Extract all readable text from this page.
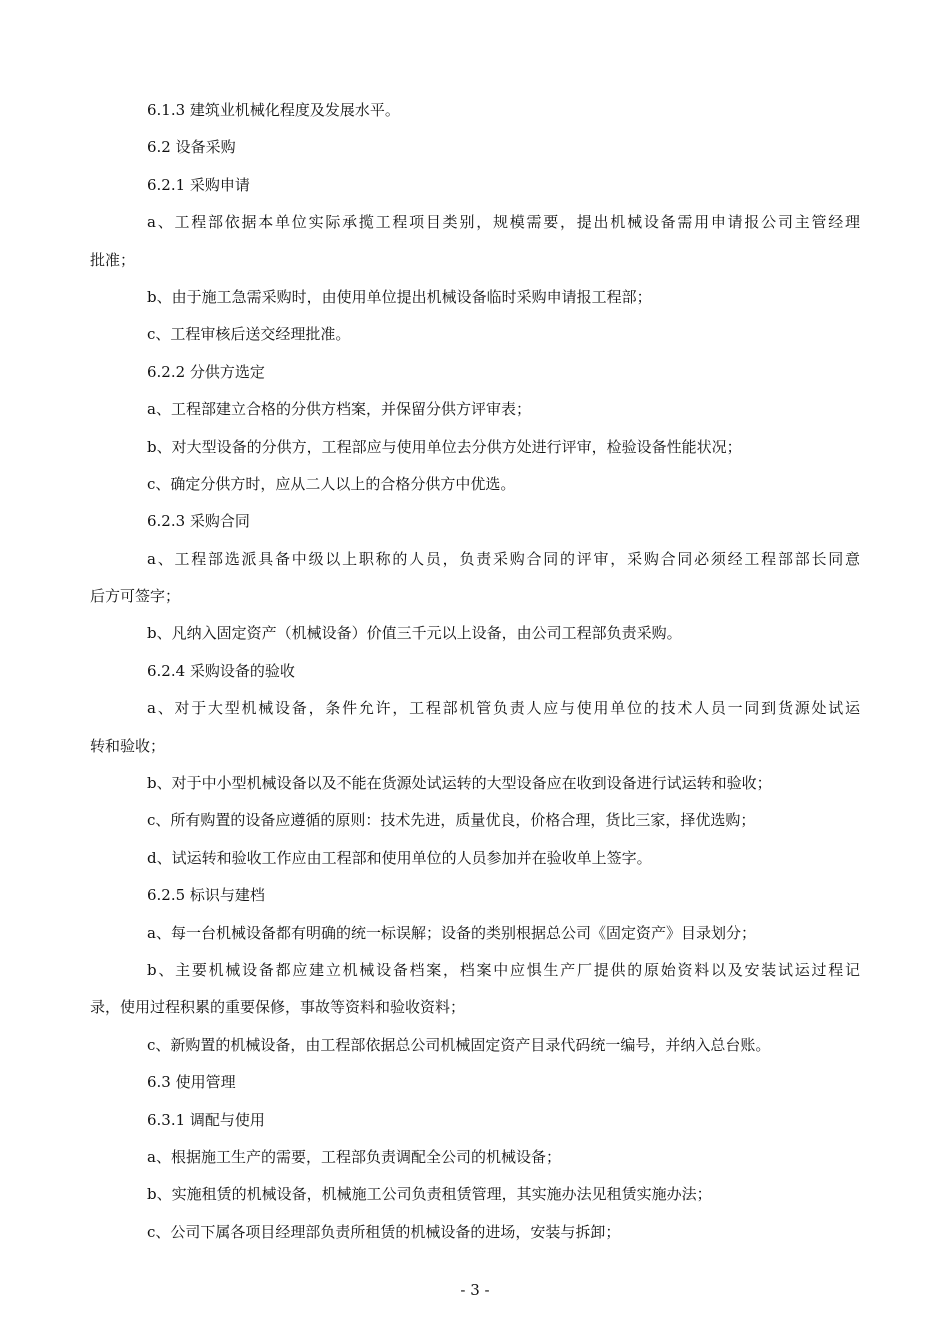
6.1.3 建筑业机械化程度及发展水平。

6.2 设备采购

6.2.1 采购申请

a、工程部依据本单位实际承揽工程项目类别，规模需要，提出机械设备需用申请报公司主管经理

批准；

b、由于施工急需采购时，由使用单位提出机械设备临时采购申请报工程部；

c、工程审核后送交经理批准。

6.2.2 分供方选定

a、工程部建立合格的分供方档案，并保留分供方评审表；

b、对大型设备的分供方，工程部应与使用单位去分供方处进行评审，检验设备性能状况；

c、确定分供方时，应从二人以上的合格分供方中优选。

6.2.3 采购合同

a、工程部选派具备中级以上职称的人员，负责采购合同的评审，采购合同必须经工程部部长同意

后方可签字；

b、凡纳入固定资产（机械设备）价值三千元以上设备，由公司工程部负责采购。

6.2.4 采购设备的验收

a、对于大型机械设备，条件允许，工程部机管负责人应与使用单位的技术人员一同到货源处试运

转和验收；

b、对于中小型机械设备以及不能在货源处试运转的大型设备应在收到设备进行试运转和验收；

c、所有购置的设备应遵循的原则：技术先进，质量优良，价格合理，货比三家，择优选购；

d、试运转和验收工作应由工程部和使用单位的人员参加并在验收单上签字。

6.2.5 标识与建档

a、每一台机械设备都有明确的统一标误解；设备的类别根据总公司《固定资产》目录划分；

b、主要机械设备都应建立机械设备档案，档案中应惧生产厂提供的原始资料以及安装试运过程记

录，使用过程积累的重要保修，事故等资料和验收资料；

c、新购置的机械设备，由工程部依据总公司机械固定资产目录代码统一编号，并纳入总台账。

6.3 使用管理

6.3.1 调配与使用

a、根据施工生产的需要，工程部负责调配全公司的机械设备；

b、实施租赁的机械设备，机械施工公司负责租赁管理，其实施办法见租赁实施办法；

c、公司下属各项目经理部负责所租赁的机械设备的进场，安装与拆卸；

- 3 -
